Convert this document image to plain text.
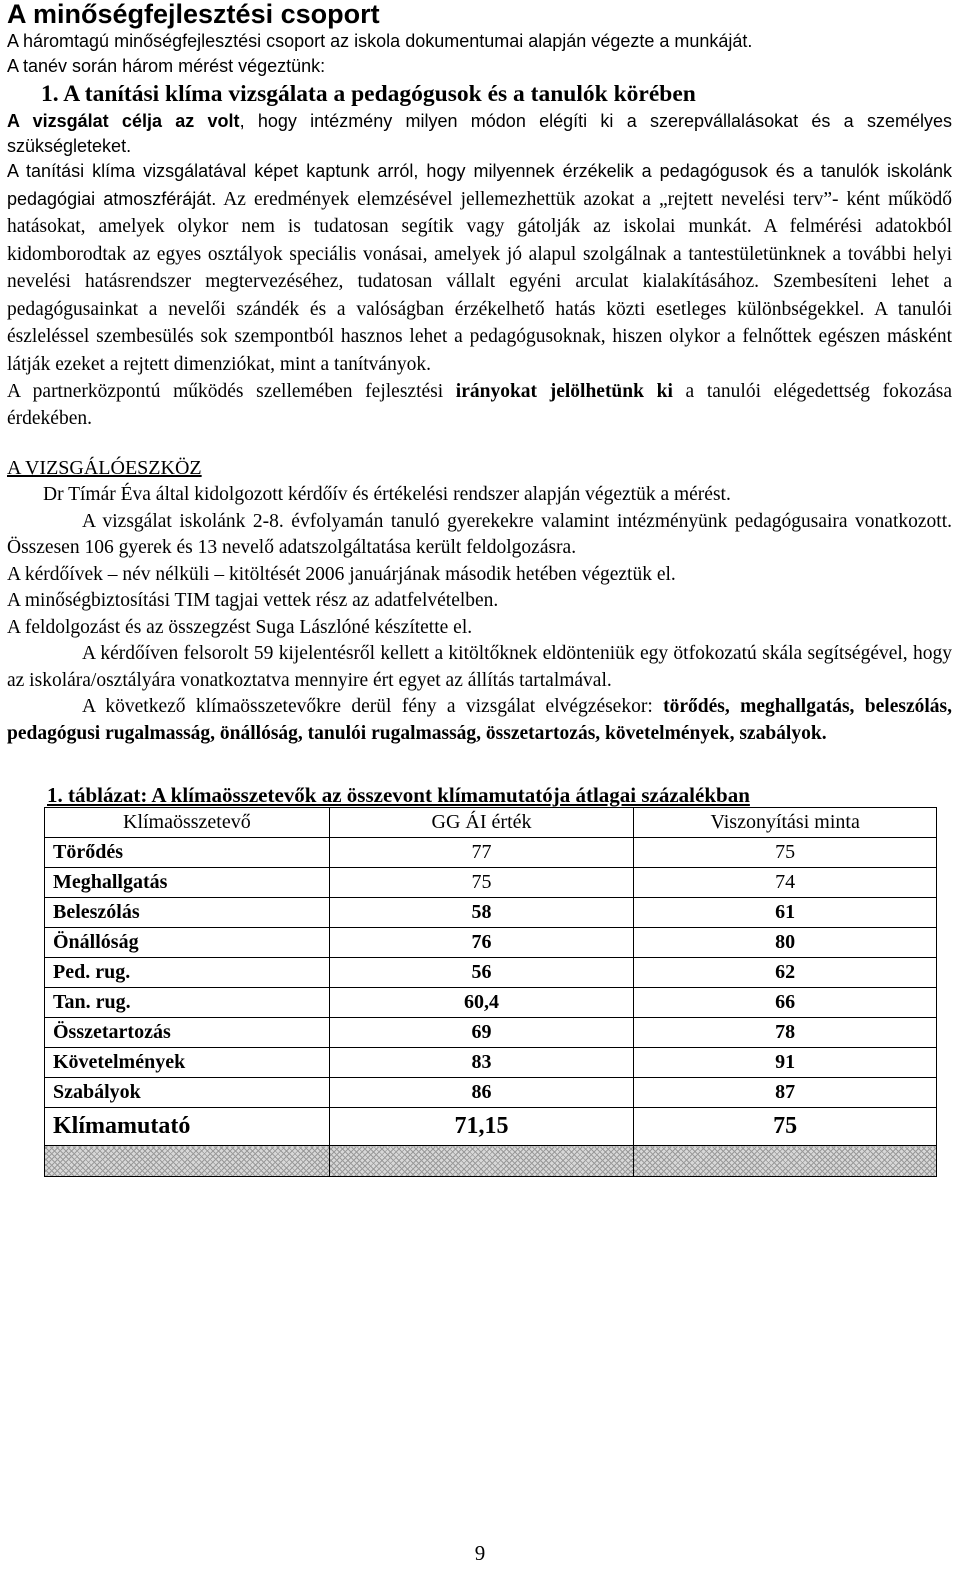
A minőségfejlesztési csoport

A háromtagú minőségfejlesztési csoport az iskola dokumentumai alapján végezte a munkáját.

A tanév során három mérést végeztünk:

1. A tanítási klíma vizsgálata a pedagógusok és a tanulók körében

A vizsgálat célja az volt, hogy intézmény milyen módon elégíti ki a szerepvállalásokat és a személyes szükségleteket.

A tanítási klíma vizsgálatával képet kaptunk arról, hogy milyennek érzékelik a pedagógusok és a tanulók iskolánk pedagógiai atmoszféráját. Az eredmények elemzésével jellemezhettük azokat a „rejtett nevelési terv”- ként működő hatásokat, amelyek olykor nem is tudatosan segítik vagy gátolják az iskolai munkát. A felmérési adatokból kidomborodtak az egyes osztályok speciális vonásai, amelyek jó alapul szolgálnak a tantestületünknek a további helyi nevelési hatásrendszer megtervezéséhez, tudatosan vállalt egyéni arculat kialakításához. Szembesíteni lehet a pedagógusainkat a nevelői szándék és a valóságban érzékelhető hatás közti esetleges különbségekkel. A tanulói észleléssel szembesülés sok szempontból hasznos lehet a pedagógusoknak, hiszen olykor a felnőttek egészen másként látják ezeket a rejtett dimenziókat, mint a tanítványok.

A partnerközpontú működés szellemében fejlesztési irányokat jelölhetünk ki a tanulói elégedettség fokozása érdekében.

A VIZSGÁLÓESZKÖZ

Dr Tímár Éva által kidolgozott kérdőív és értékelési rendszer alapján végeztük a mérést.

A vizsgálat iskolánk 2-8. évfolyamán tanuló gyerekekre valamint intézményünk pedagógusaira vonatkozott. Összesen 106 gyerek és 13 nevelő adatszolgáltatása került feldolgozásra.

A kérdőívek – név nélküli – kitöltését 2006 januárjának második hetében végeztük el.

A minőségbiztosítási TIM tagjai vettek rész az adatfelvételben.

A feldolgozást és az összegzést Suga Lászlóné készítette el.

A kérdőíven felsorolt 59 kijelentésről kellett a kitöltőknek eldönteniük egy ötfokozatú skála segítségével, hogy az iskolára/osztályára vonatkoztatva mennyire ért egyet az állítás tartalmával.

A következő klímaösszetevőkre derül fény a vizsgálat elvégzésekor: törődés, meghallgatás, beleszólás, pedagógusi rugalmasság, önállóság, tanulói rugalmasság, összetartozás, követelmények, szabályok.

1. táblázat: A klímaösszetevők az összevont klímamutatója átlagai százalékban
Klímaösszetevő	GG ÁI érték	Viszonyítási minta
Törődés	77	75
Meghallgatás	75	74
Beleszólás	58	61
Önállóság	76	80
Ped. rug.	56	62
Tan. rug.	60,4	66
Összetartozás	69	78
Követelmények	83	91
Szabályok	86	87
Klímamutató	71,15	75

9
